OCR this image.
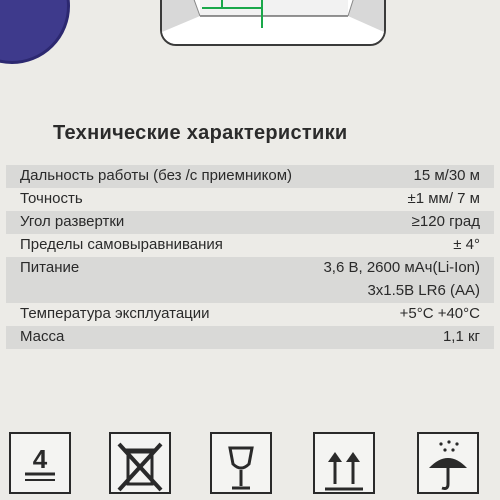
Технические характеристики
Дальность работы (без /с приемником)	15 м/30 м
Точность	±1 мм/ 7 м
Угол развертки	≥120 град
Пределы самовыравнивания	± 4°
Питание	3,6 В, 2600 мАч(Li-Ion)
3x1.5В LR6 (AA)
Температура эксплуатации	+5°C +40°C
Масса	1,1 кг
4
